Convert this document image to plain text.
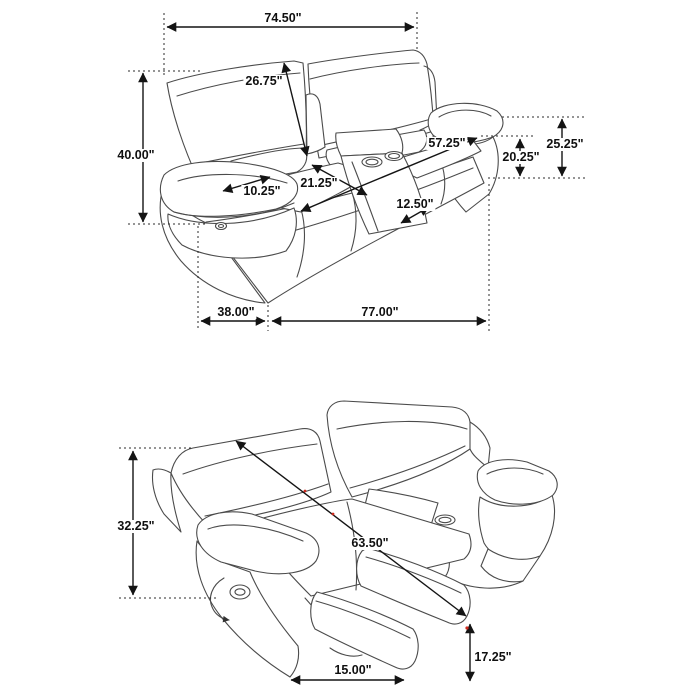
74.50"
40.00"
26.75"
10.25"
21.25"
57.25"
12.50"
20.25"
25.25"
38.00"	77.00"
32.25"
63.50"
17.25"
15.00"
